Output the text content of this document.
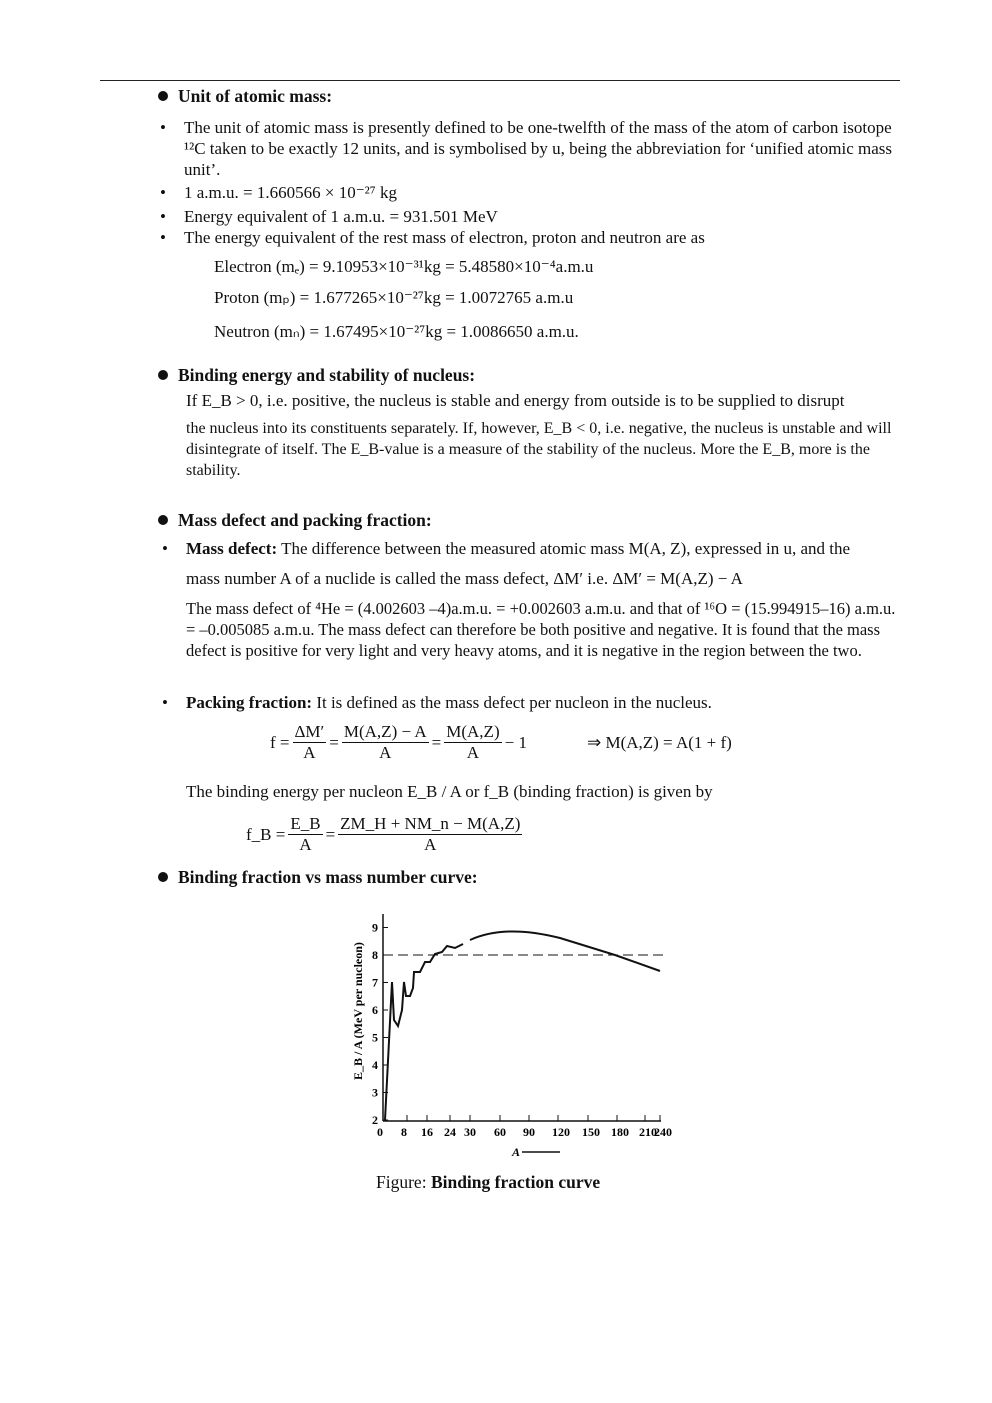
Unit of atomic mass:
• The unit of atomic mass is presently defined to be one-twelfth of the mass of the atom of carbon isotope ¹²C taken to be exactly 12 units, and is symbolised by u, being the abbreviation for ‘unified atomic mass unit’.
• 1 a.m.u. = 1.660566 × 10⁻²⁷ kg
• Energy equivalent of 1 a.m.u. = 931.501 MeV
• The energy equivalent of the rest mass of electron, proton and neutron are as
Electron (mₑ) = 9.10953×10⁻³¹kg = 5.48580×10⁻⁴a.m.u
Proton (mₚ) = 1.677265×10⁻²⁷kg = 1.0072765 a.m.u
Neutron (mₙ) = 1.67495×10⁻²⁷kg = 1.0086650 a.m.u.
Binding energy and stability of nucleus:
If E_B > 0, i.e. positive, the nucleus is stable and energy from outside is to be supplied to disrupt
the nucleus into its constituents separately. If, however, E_B < 0, i.e. negative, the nucleus is unstable and will disintegrate of itself. The E_B-value is a measure of the stability of the nucleus. More the E_B, more is the stability.
Mass defect and packing fraction:
• Mass defect: The difference between the measured atomic mass M(A, Z), expressed in u, and the
mass number A of a nuclide is called the mass defect, ΔM′ i.e. ΔM′ = M(A,Z) − A
The mass defect of ⁴He = (4.002603 –4)a.m.u. = +0.002603 a.m.u. and that of ¹⁶O = (15.994915–16) a.m.u. = –0.005085 a.m.u. The mass defect can therefore be both positive and negative. It is found that the mass defect is positive for very light and very heavy atoms, and it is negative in the region between the two.
• Packing fraction: It is defined as the mass defect per nucleon in the nucleus.
$f = \frac{\Delta M'}{A} = \frac{M(A,Z) - A}{A} = \frac{M(A,Z)}{A} - 1$	⇒ M(A,Z) = A(1 + f)
The binding energy per nucleon E_B / A or f_B (binding fraction) is given by
f_B = $\frac{E\_B}{A} = \frac{ZM\_H + NM\_n - M(A,Z)}{A}$
Binding fraction vs mass number curve:
E_B / A (MeV per nucleon)
2
3
4
5
6
7
8
9
0 8 16 24 30 60 90 120 150 180 210
240
A
Figure: Binding fraction curve
